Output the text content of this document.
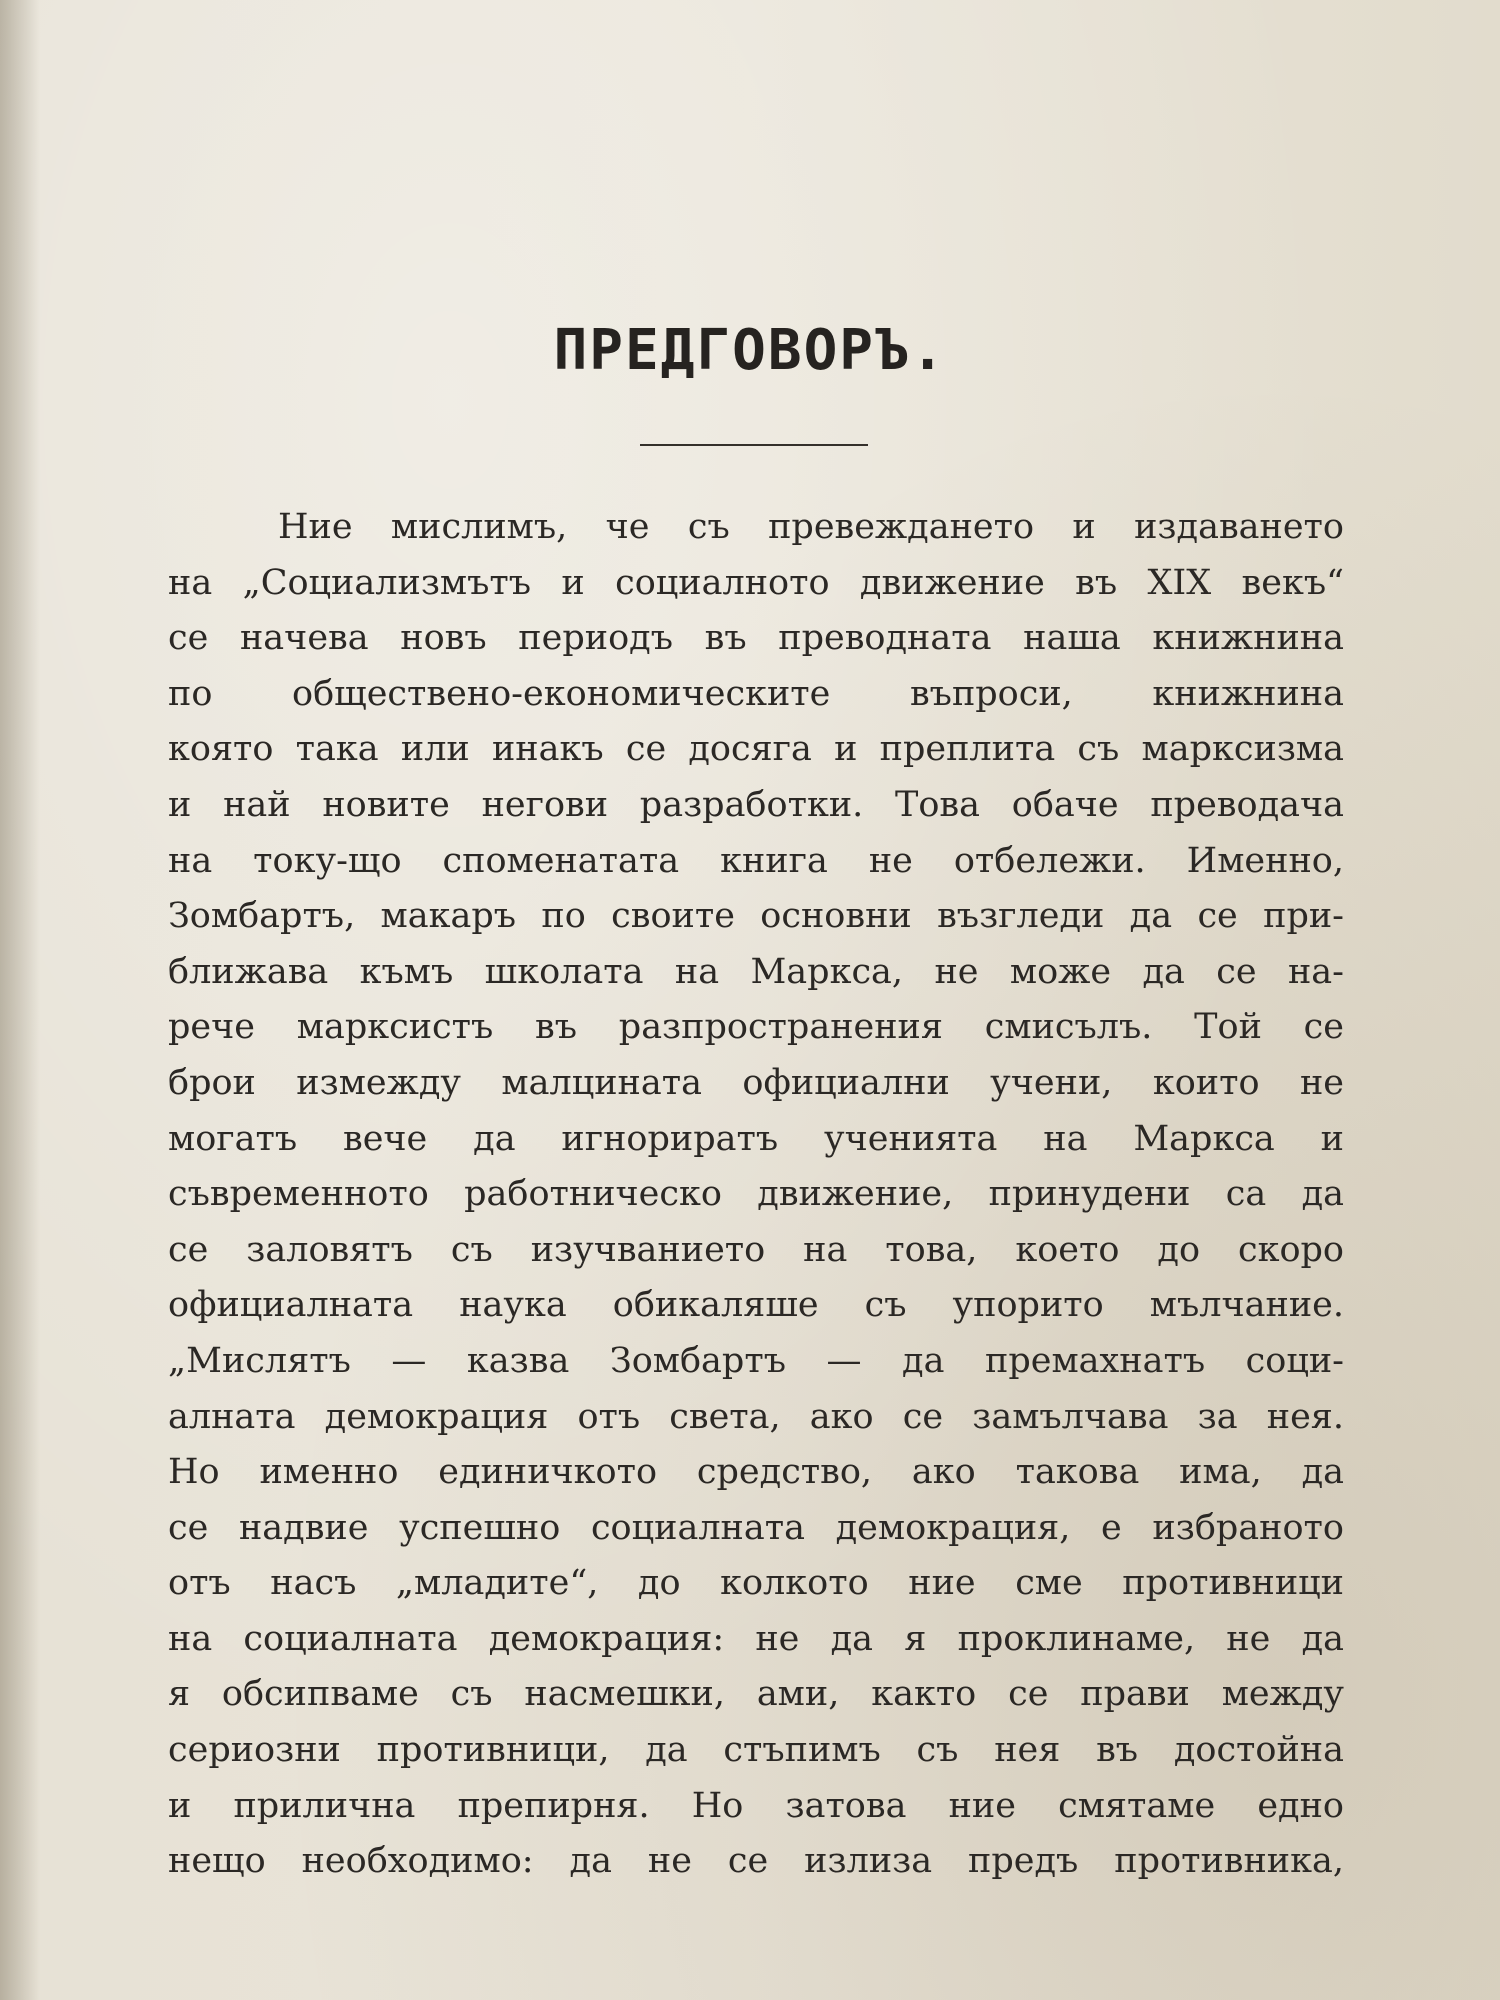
ПРЕДГОВОРЪ.
Ние мислимъ, че съ превеждането и издаването
на „Социализмътъ и социалното движение въ XIX векъ“
се начева новъ периодъ въ преводната наша книжнина
по обществено-економическите въпроси, книжнина
която така или инакъ се досяга и преплита съ марксизма
и най новите негови разработки. Това обаче преводача
на току-що споменатата книга не отбележи. Именно,
Зомбартъ, макаръ по своите основни възгледи да се при-
ближава къмъ школата на Маркса, не може да се на-
рече марксистъ въ разпространения смисълъ. Той се
брои измежду малцината официални учени, които не
могатъ вече да игнориратъ ученията на Маркса и
съвременното работническо движение, принудени са да
се заловятъ съ изучванието на това, което до скоро
официалната наука обикаляше съ упорито мълчание.
„Мислятъ — казва Зомбартъ — да премахнатъ соци-
алната демокрация отъ света, ако се замълчава за нея.
Но именно единичкото средство, ако такова има, да
се надвие успешно социалната демокрация, е избраното
отъ насъ „младите“, до колкото ние сме противници
на социалната демокрация: не да я проклинаме, не да
я обсипваме съ насмешки, ами, както се прави между
сериозни противници, да стъпимъ съ нея въ достойна
и прилична препирня. Но затова ние смятаме едно
нещо необходимо: да не се излиза предъ противника,
